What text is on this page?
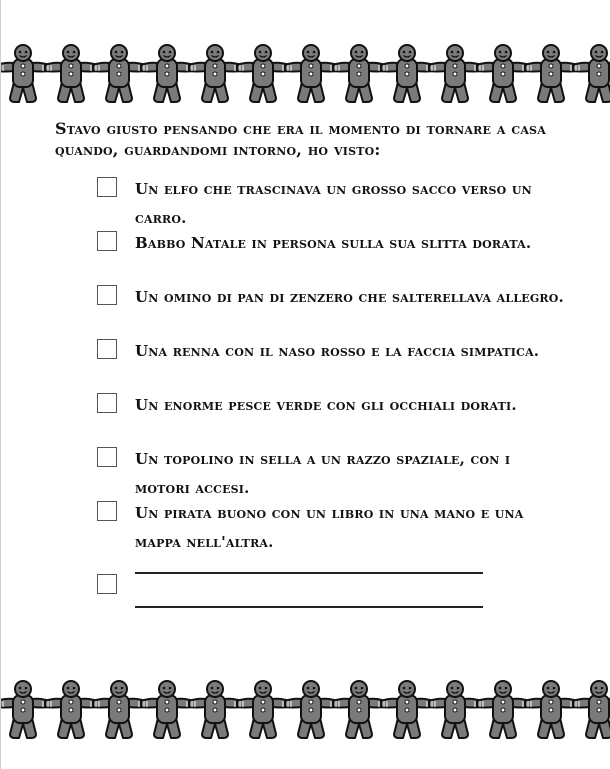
Stavo giusto pensando che era il momento di tornare a casa quando, guardandomi intorno, ho visto:

Un elfo che trascinava un grosso sacco verso un carro.
Babbo Natale in persona sulla sua slitta dorata.
Un omino di pan di zenzero che salterellava allegro.
Una renna con il naso rosso e la faccia simpatica.
Un enorme pesce verde con gli occhiali dorati.
Un topolino in sella a un razzo spaziale, con i motori accesi.
Un pirata buono con un libro in una mano e una mappa nell'altra.
